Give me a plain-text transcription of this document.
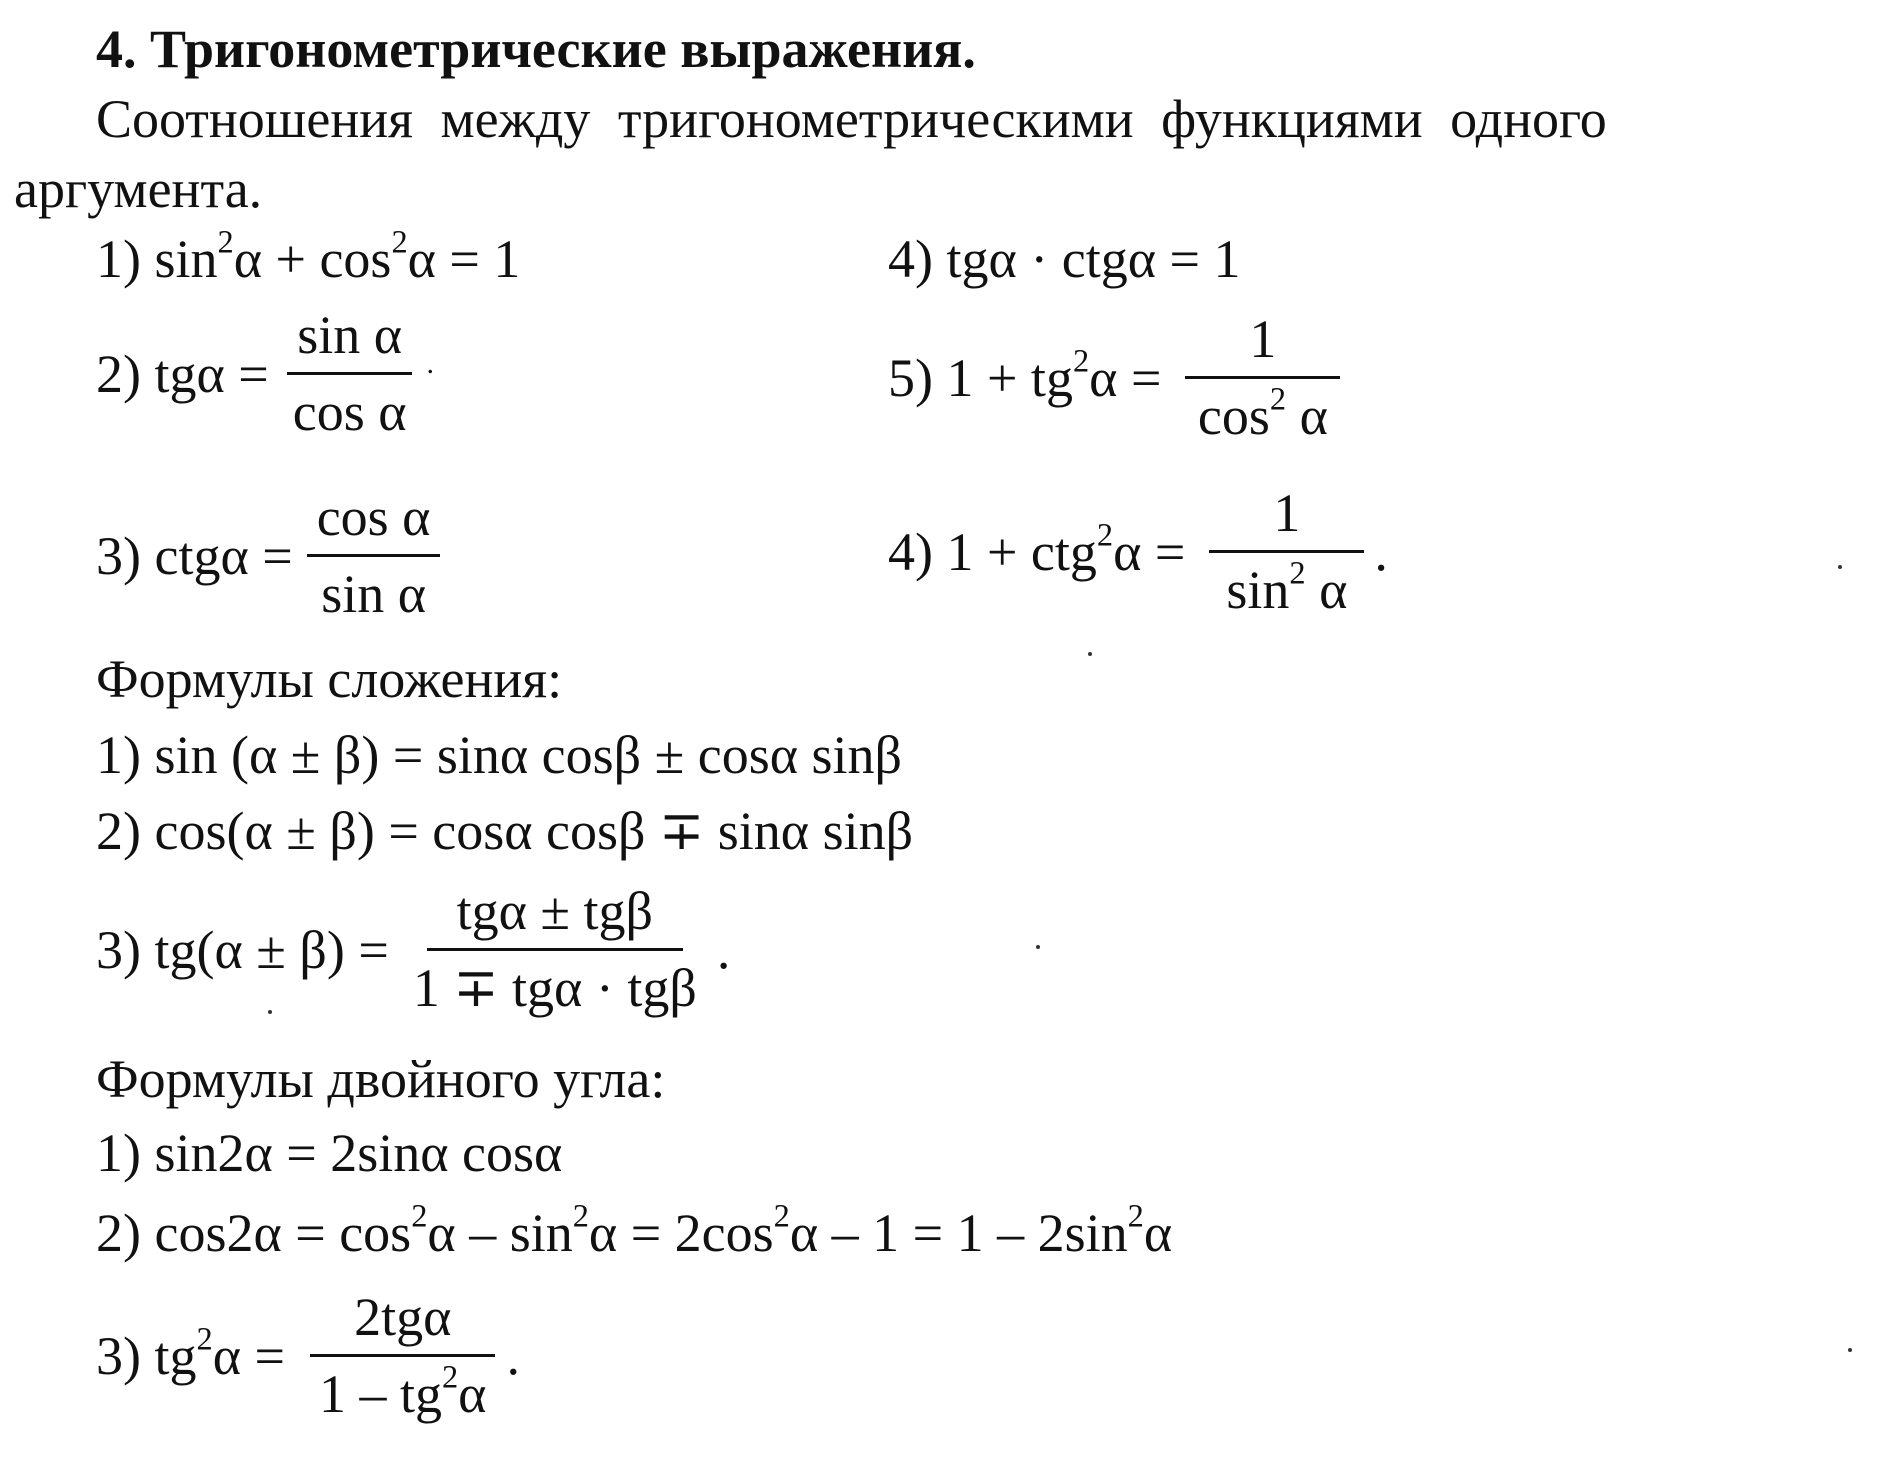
4. Тригонометрические выражения.
Соотношения между тригонометрическими функциями одного
аргумента.
1) $\sin^2\alpha + \cos^2\alpha = 1$	4) tgα · ctgα = 1
2) $tg\alpha = \frac{\text{sin α}}{\text{cos α}}$ .	5) $1 + tg^2\alpha = \frac{1}{\cos^2 \alpha}$
3) $ctg\alpha = \frac{\text{cos α}}{\text{sin α}}$	4) $1 + ctg^2\alpha = \frac{1}{\sin^2 \alpha}$ .
Формулы сложения:
1) sin (α ± β) = sinα cosβ ± cosα sinβ
2) cos(α ± β) = cosα cosβ ∓ sinα sinβ
3) $tg(\alpha \pm \beta) = \frac{\text{tgα ± tgβ}}{\text{1 ∓ tgα · tgβ}}$ .
Формулы двойного угла:
1) sin2α = 2sinα cosα
2) $\cos 2\alpha = \cos^2\alpha - \sin^2\alpha = 2\cos^2\alpha - 1 = 1 - 2\sin^2\alpha$
3) $tg^2\alpha = \frac{\text{2tgα}}{1 - tg^2\alpha}$ .
